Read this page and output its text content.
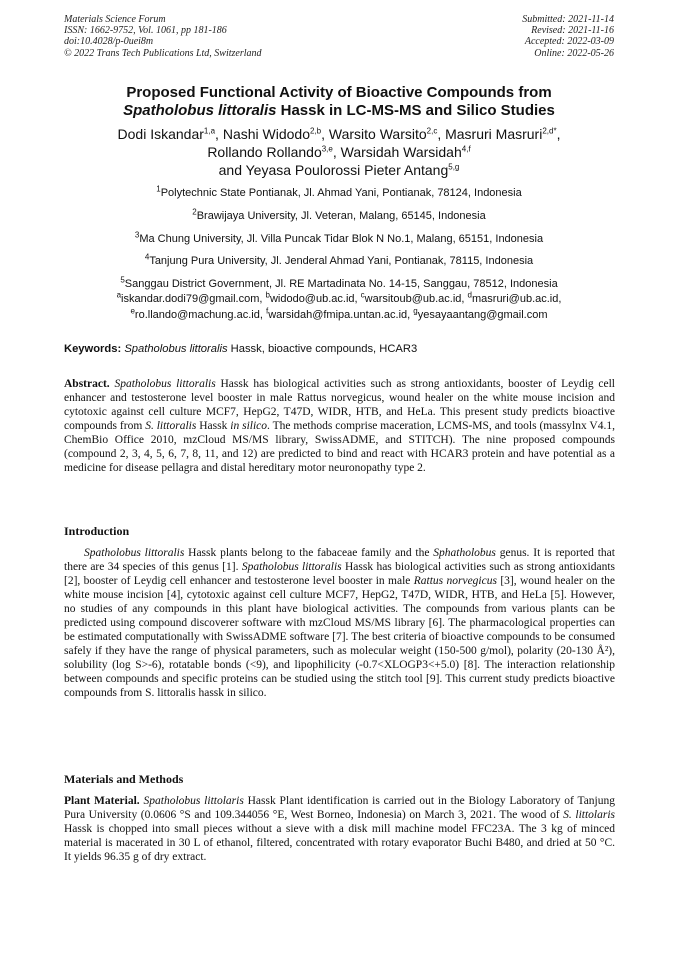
Materials Science Forum
ISSN: 1662-9752, Vol. 1061, pp 181-186
doi:10.4028/p-0uei8m
© 2022 Trans Tech Publications Ltd, Switzerland
Submitted: 2021-11-14
Revised: 2021-11-16
Accepted: 2022-03-09
Online: 2022-05-26
Proposed Functional Activity of Bioactive Compounds from
Spatholobus littoralis Hassk in LC-MS-MS and Silico Studies
Dodi Iskandar$^{1,a}$, Nashi Widodo$^{2,b}$, Warsito Warsito$^{2,c}$, Masruri Masruri$^{2,d*}$,
Rollando Rollando$^{3,e}$, Warsidah Warsidah$^{4,f}$
and Yeyasa Poulorossi Pieter Antang$^{5,g}$
$^1$Polytechnic State Pontianak, Jl. Ahmad Yani, Pontianak, 78124, Indonesia
$^2$Brawijaya University, Jl. Veteran, Malang, 65145, Indonesia
$^3$Ma Chung University, Jl. Villa Puncak Tidar Blok N No.1, Malang, 65151, Indonesia
$^4$Tanjung Pura University, Jl. Jenderal Ahmad Yani, Pontianak, 78115, Indonesia
$^5$Sanggau District Government, Jl. RE Martadinata No. 14-15, Sanggau, 78512, Indonesia
$^a$iskandar.dodi79@gmail.com, $^b$widodo@ub.ac.id, $^c$warsitoub@ub.ac.id, $^d$masruri@ub.ac.id,
$^e$ro.llando@machung.ac.id, $^f$warsidah@fmipa.untan.ac.id, $^g$yesayaantang@gmail.com
Keywords: Spatholobus littoralis Hassk, bioactive compounds, HCAR3
Abstract. Spatholobus littoralis Hassk has biological activities such as strong antioxidants, booster of Leydig cell enhancer and testosterone level booster in male Rattus norvegicus, wound healer on the white mouse incision and cytotoxic against cell culture MCF7, HepG2, T47D, WIDR, HTB, and HeLa. This present study predicts bioactive compounds from S. littoralis Hassk in silico. The methods comprise maceration, LCMS-MS, and tools (massylnx V4.1, ChemBio Office 2010, mzCloud MS/MS library, SwissADME, and STITCH). The nine proposed compounds (compound 2, 3, 4, 5, 6, 7, 8, 11, and 12) are predicted to bind and react with HCAR3 protein and have potential as a medicine for disease pellagra and distal hereditary motor neuronopathy type 2.
Introduction
Spatholobus littoralis Hassk plants belong to the fabaceae family and the Sphatholobus genus. It is reported that there are 34 species of this genus [1]. Spatholobus littoralis Hassk has biological activities such as strong antioxidants [2], booster of Leydig cell enhancer and testosterone level booster in male Rattus norvegicus [3], wound healer on the white mouse incision [4], cytotoxic against cell culture MCF7, HepG2, T47D, WIDR, HTB, and HeLa [5]. However, no studies of any compounds in this plant have biological activities. The compounds from various plants can be predicted using compound discoverer software with mzCloud MS/MS library [6]. The pharmacological properties can be estimated computationally with SwissADME software [7]. The best criteria of bioactive compounds to be consumed safely if they have the range of physical parameters, such as molecular weight (150-500 g/mol), polarity (20-130 Å²), solubility (log S>-6), rotatable bonds (<9), and lipophilicity (-0.7<XLOGP3<+5.0) [8]. The interaction relationship between compounds and specific proteins can be studied using the stitch tool [9]. This current study predicts bioactive compounds from S. littoralis hassk in silico.
Materials and Methods
Plant Material. Spatholobus littolaris Hassk Plant identification is carried out in the Biology Laboratory of Tanjung Pura University (0.0606 °S and 109.344056 °E, West Borneo, Indonesia) on March 3, 2021. The wood of S. littolaris Hassk is chopped into small pieces without a sieve with a disk mill machine model FFC23A. The 3 kg of minced material is macerated in 30 L of ethanol, filtered, concentrated with rotary evaporator Buchi B480, and dried at 50 °C. It yields 96.35 g of dry extract.
